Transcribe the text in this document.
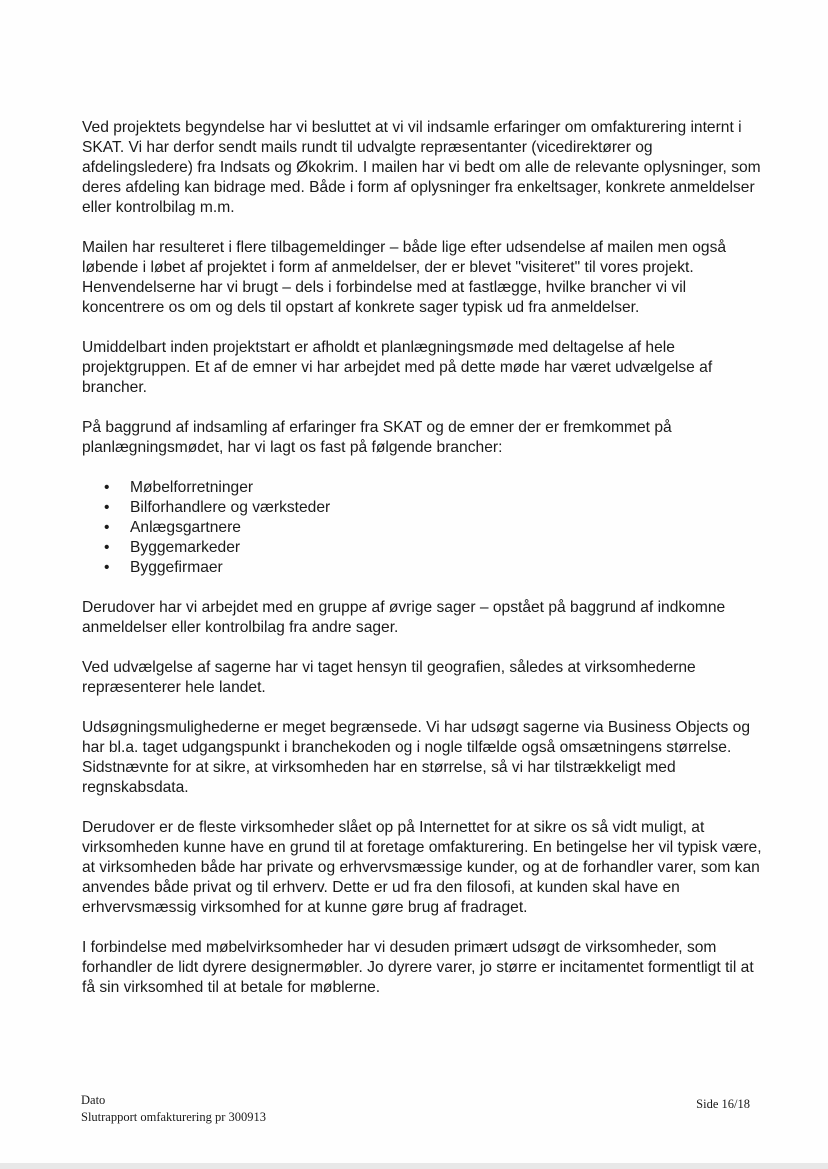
Ved projektets begyndelse har vi besluttet at vi vil indsamle erfaringer om omfakturering internt i SKAT. Vi har derfor sendt mails rundt til udvalgte repræsentanter (vicedirektører og afdelingsledere) fra Indsats og Økokrim. I mailen har vi bedt om alle de relevante oplysninger, som deres afdeling kan bidrage med. Både i form af oplysninger fra enkeltsager, konkrete anmeldelser eller kontrolbilag m.m.

Mailen har resulteret i flere tilbagemeldinger – både lige efter udsendelse af mailen men også løbende i løbet af projektet i form af anmeldelser, der er blevet "visiteret" til vores projekt. Henvendelserne har vi brugt – dels i forbindelse med at fastlægge, hvilke brancher vi vil koncentrere os om og dels til opstart af konkrete sager typisk ud fra anmeldelser.

Umiddelbart inden projektstart er afholdt et planlægningsmøde med deltagelse af hele projektgruppen. Et af de emner vi har arbejdet med på dette møde har været udvælgelse af brancher.

På baggrund af indsamling af erfaringer fra SKAT og de emner der er fremkommet på planlægningsmødet, har vi lagt os fast på følgende brancher:

• Møbelforretninger
• Bilforhandlere og værksteder
• Anlægsgartnere
• Byggemarkeder
• Byggefirmaer

Derudover har vi arbejdet med en gruppe af øvrige sager – opstået på baggrund af indkomne anmeldelser eller kontrolbilag fra andre sager.

Ved udvælgelse af sagerne har vi taget hensyn til geografien, således at virksomhederne repræsenterer hele landet.

Udsøgningsmulighederne er meget begrænsede. Vi har udsøgt sagerne via Business Objects og har bl.a. taget udgangspunkt i branchekoden og i nogle tilfælde også omsætningens størrelse. Sidstnævnte for at sikre, at virksomheden har en størrelse, så vi har tilstrækkeligt med regnskabsdata.

Derudover er de fleste virksomheder slået op på Internettet for at sikre os så vidt muligt, at virksomheden kunne have en grund til at foretage omfakturering. En betingelse her vil typisk være, at virksomheden både har private og erhvervsmæssige kunder, og at de forhandler varer, som kan anvendes både privat og til erhverv. Dette er ud fra den filosofi, at kunden skal have en erhvervsmæssig virksomhed for at kunne gøre brug af fradraget.

I forbindelse med møbelvirksomheder har vi desuden primært udsøgt de virksomheder, som forhandler de lidt dyrere designermøbler. Jo dyrere varer, jo større er incitamentet formentligt til at få sin virksomhed til at betale for møblerne.

Dato
Slutrapport omfakturering pr 300913
Side 16/18
